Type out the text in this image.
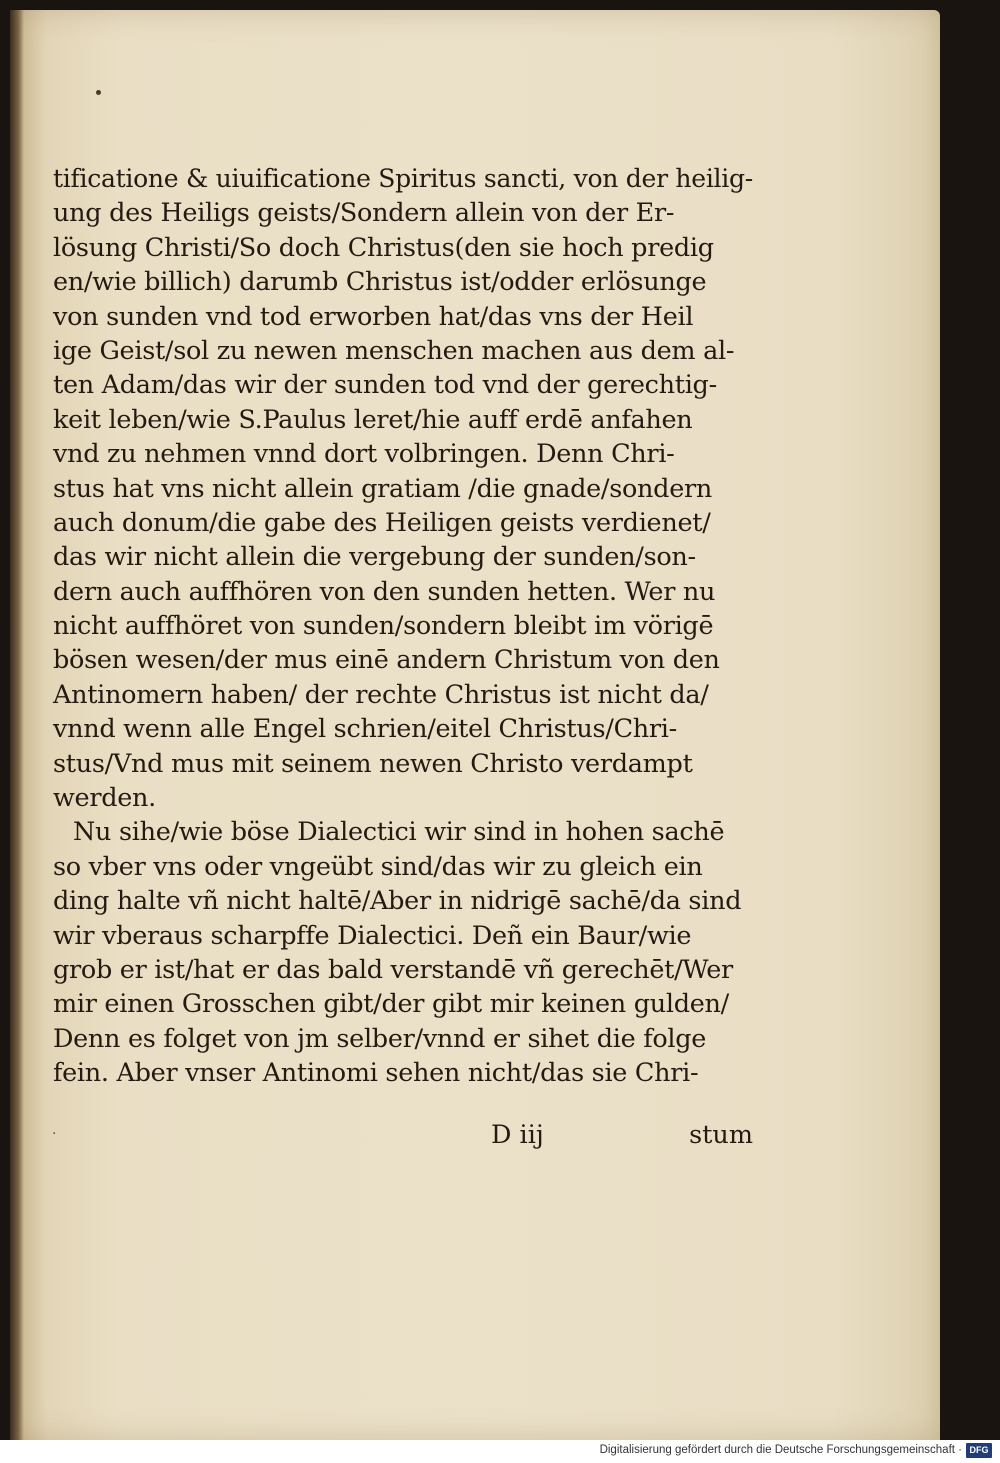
tificatione & uiuificatione Spiritus sancti, von der heilig-
ung des Heiligs geists/Sondern allein von der Er-
lösung Christi/So doch Christus(den sie hoch predig
en/wie billich) darumb Christus ist/odder erlösunge
von sunden vnd tod erworben hat/das vns der Heil
ige Geist/sol zu newen menschen machen aus dem al-
ten Adam/das wir der sunden tod vnd der gerechtig-
keit leben/wie S.Paulus leret/hie auff erdē anfahen
vnd zu nehmen vnnd dort volbringen. Denn Chri-
stus hat vns nicht allein gratiam /die gnade/sondern
auch donum/die gabe des Heiligen geists verdienet/
das wir nicht allein die vergebung der sunden/son-
dern auch auffhören von den sunden hetten. Wer nu
nicht auffhöret von sunden/sondern bleibt im vörigē
bösen wesen/der mus einē andern Christum von den
Antinomern haben/ der rechte Christus ist nicht da/
vnnd wenn alle Engel schrien/eitel Christus/Chri-
stus/Vnd mus mit seinem newen Christo verdampt
werden.
Nu sihe/wie böse Dialectici wir sind in hohen sachē
so vber vns oder vngeübt sind/das wir zu gleich ein
ding halte vñ nicht haltē/Aber in nidrigē sachē/da sind
wir vberaus scharpffe Dialectici. Deñ ein Baur/wie
grob er ist/hat er das bald verstandē vñ gerechēt/Wer
mir einen Grosschen gibt/der gibt mir keinen gulden/
Denn es folget von jm selber/vnnd er sihet die folge
fein. Aber vnser Antinomi sehen nicht/das sie Chri-
·	D iij	stum
Digitalisierung gefördert durch die Deutsche Forschungsgemeinschaft · DFG
